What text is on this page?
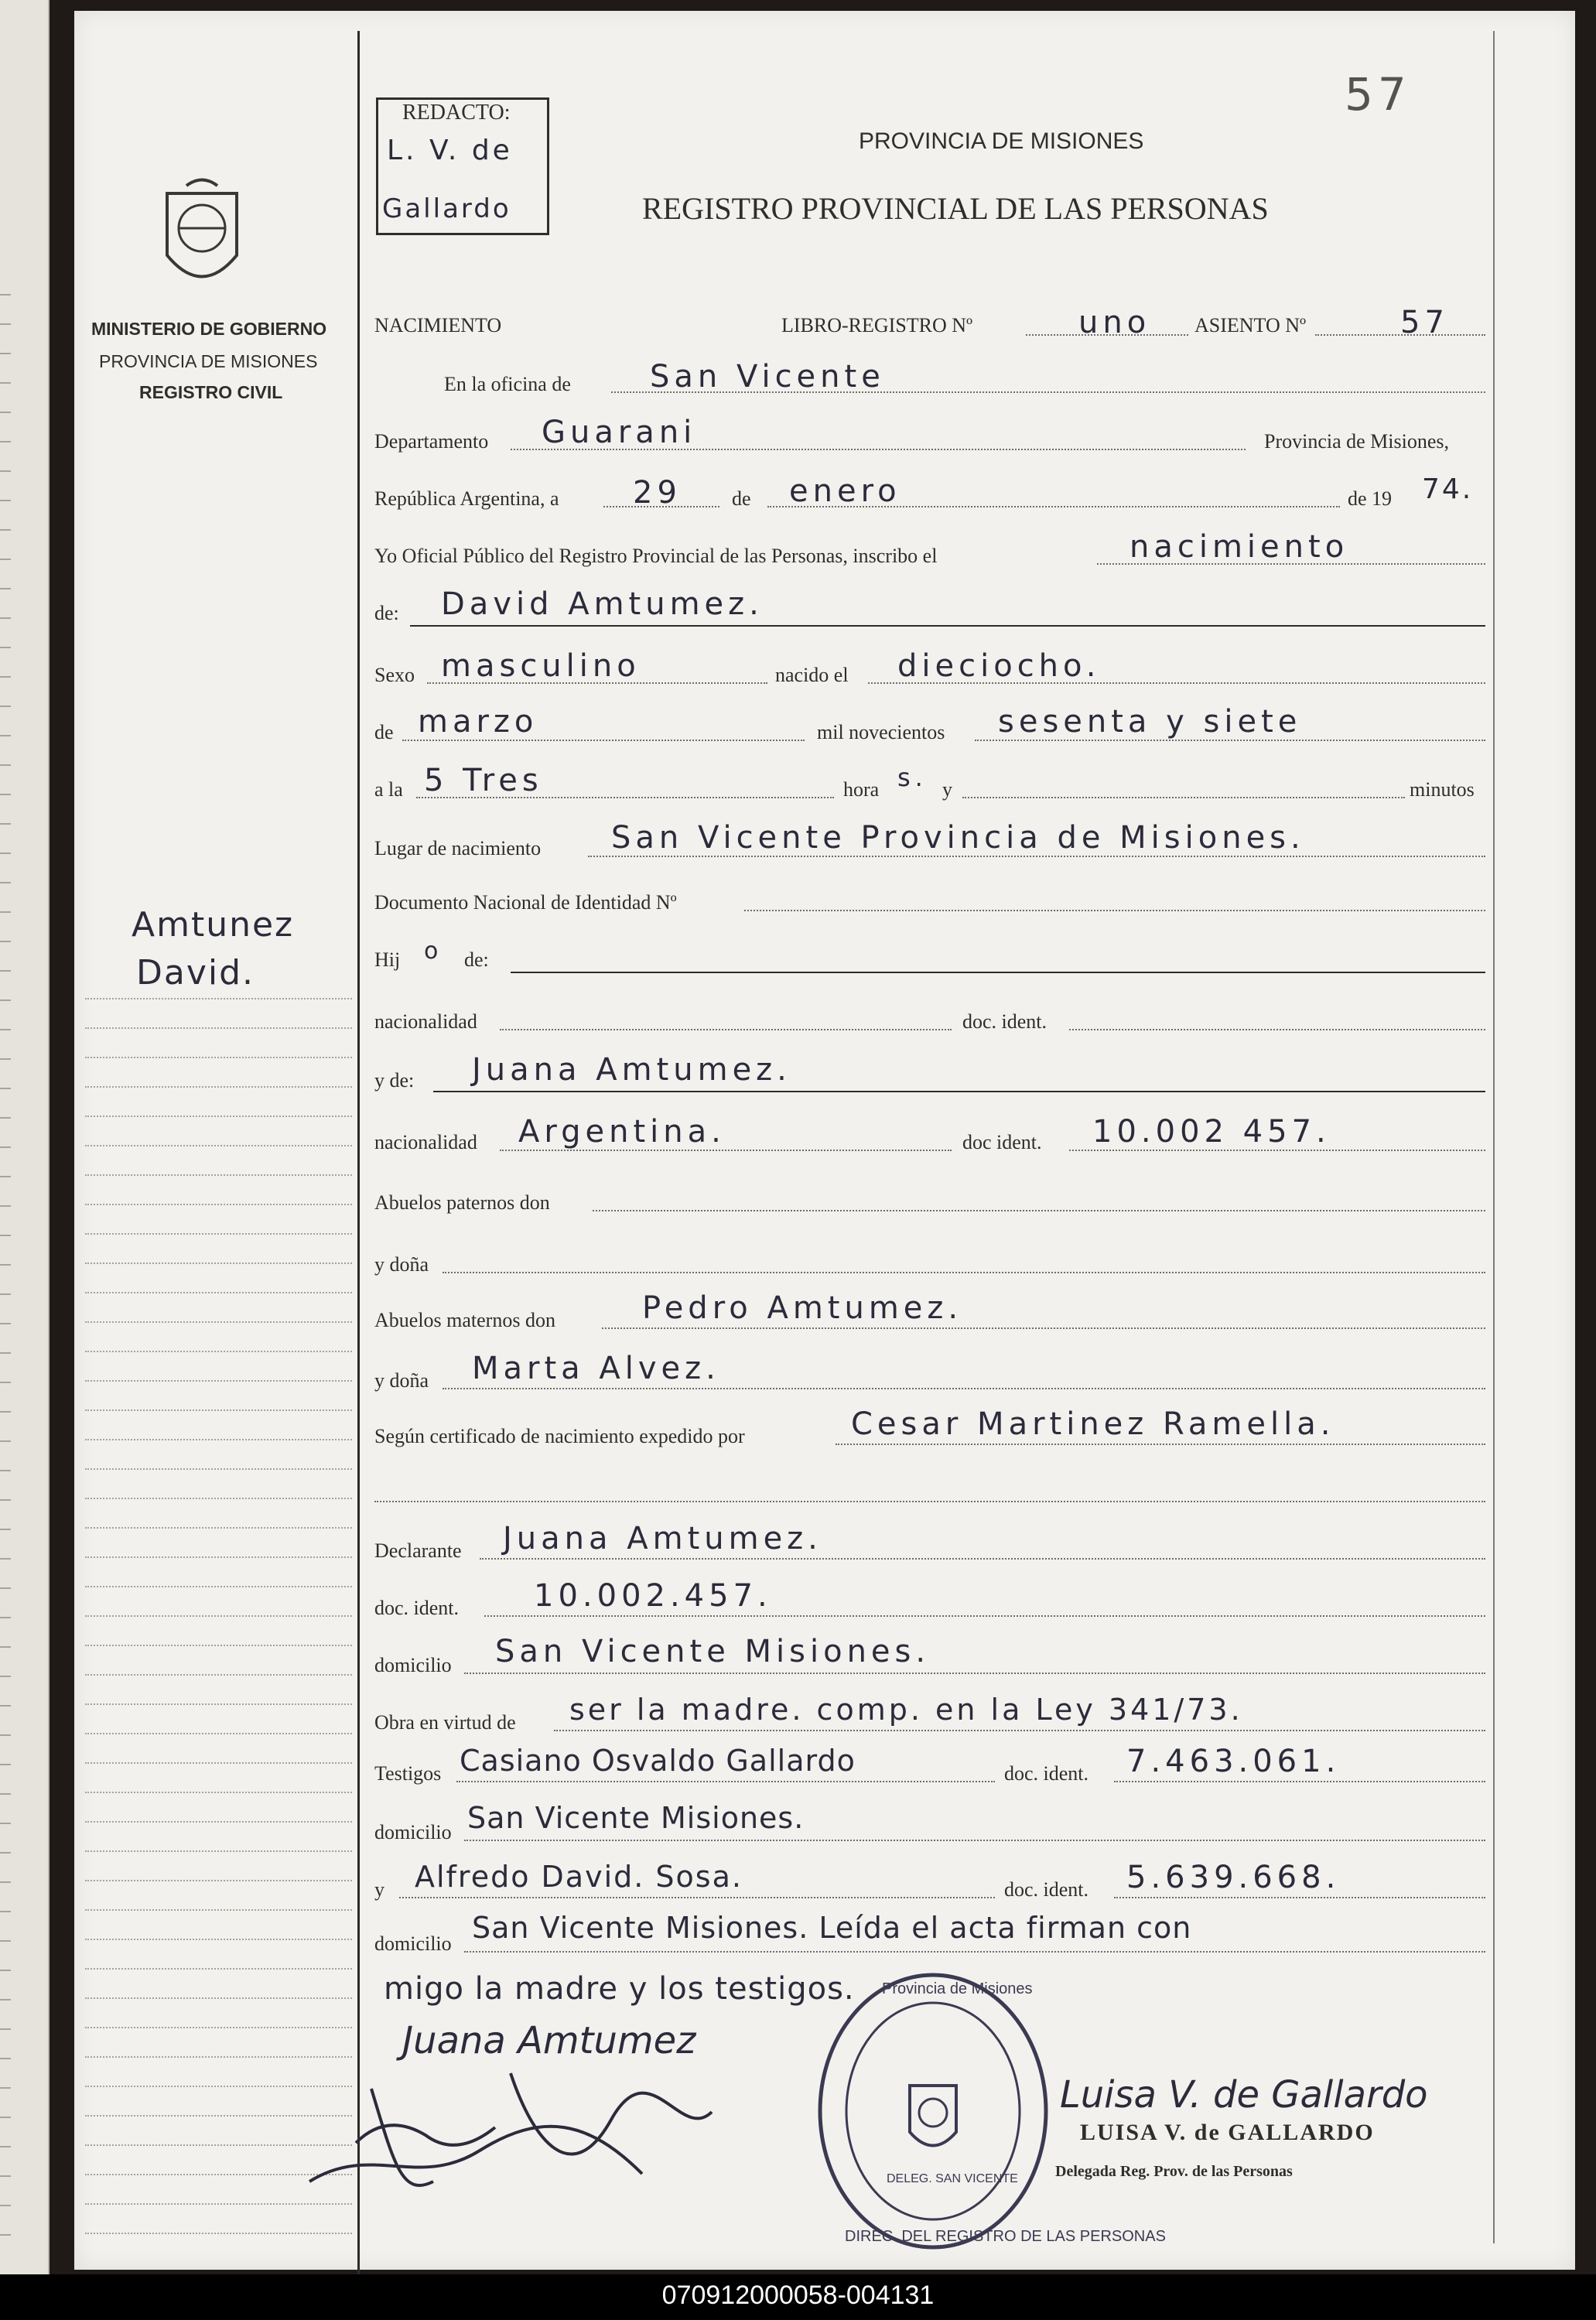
MINISTERIO DE GOBIERNO
PROVINCIA DE MISIONES
REGISTRO CIVIL
Amtunez
David.
REDACTO:
L. V. de
Gallardo
57
PROVINCIA DE MISIONES
REGISTRO PROVINCIAL DE LAS PERSONAS
NACIMIENTO	LIBRO-REGISTRO Nº	uno ASIENTO Nº	57
En la oficina de	San Vicente
Departamento Guarani	Provincia de Misiones,
República Argentina, a 29	de enero	de 19 74.
Yo Oficial Público del Registro Provincial de las Personas, inscribo el	nacimiento
de: David Amtumez.
Sexo masculino	nacido el dieciocho.
de marzo	mil novecientos sesenta y siete
a la 5 Tres	hora s. y	minutos
Lugar de nacimiento San Vicente Provincia de Misiones.
Documento Nacional de Identidad Nº
Hij o de:
nacionalidad	doc. ident.
y de: Juana Amtumez.
nacionalidad Argentina.	doc ident. 10.002 457.
Abuelos paternos don
y doña
Abuelos maternos don	Pedro Amtumez.
y doña Marta Alvez.
Según certificado de nacimiento expedido por	Cesar Martinez Ramella.
Declarante Juana Amtumez.
doc. ident. 10.002.457.
domicilio San Vicente Misiones.
Obra en virtud de ser la madre. comp. en la Ley 341/73.
Testigos Casiano Osvaldo Gallardo	doc. ident. 7.463.061.
domicilio San Vicente Misiones.
y Alfredo David. Sosa.	doc. ident. 5.639.668.
domicilio San Vicente Misiones. Leída el acta firman con
migo la madre y los testigos.
DIREC. DEL REGISTRO DE LAS PERSONAS
Provincia de Misiones
DELEG. SAN VICENTE
Juana Amtumez
Luisa V. de Gallardo
LUISA V. de GALLARDO
Delegada Reg. Prov. de las Personas
070912000058-004131
